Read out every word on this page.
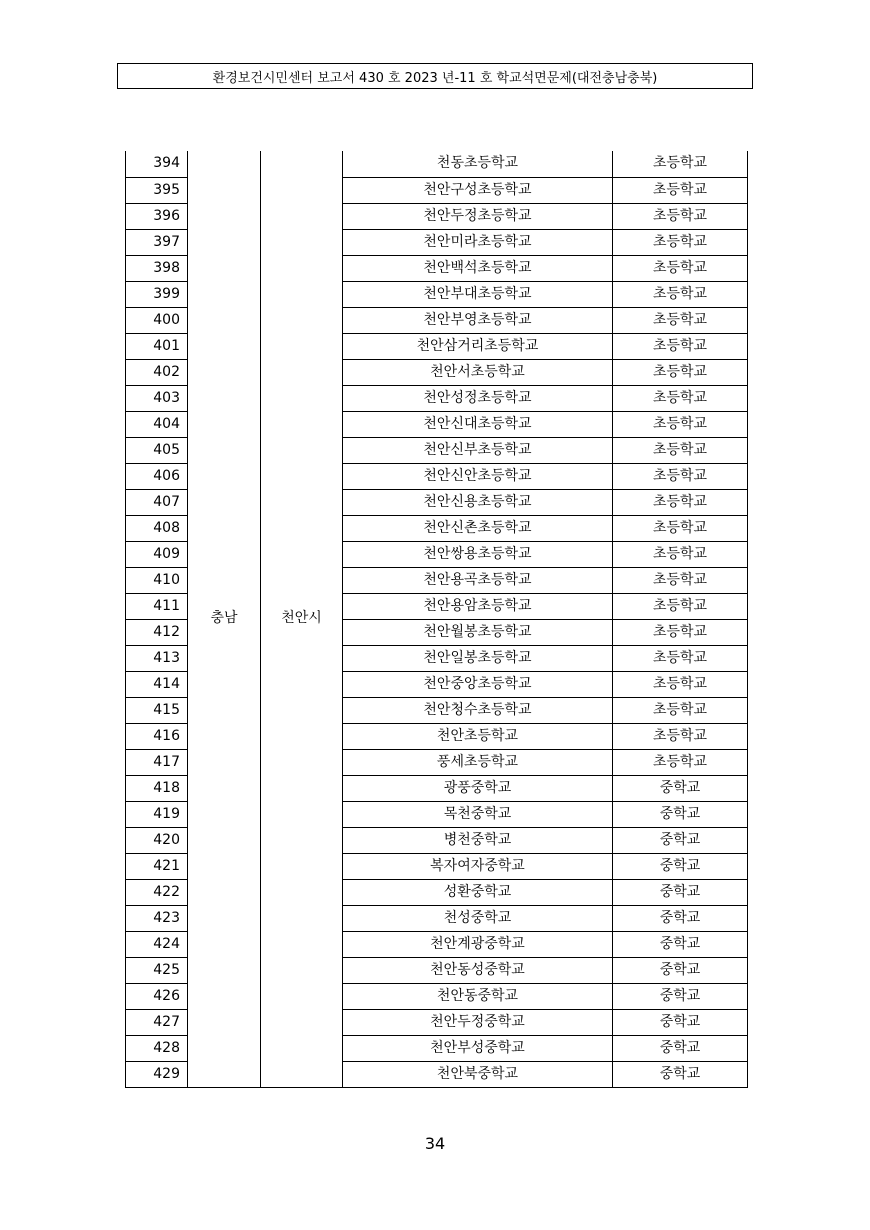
환경보건시민센터 보고서 430 호 2023 년-11 호 학교석면문제(대전충남충북)
394	충남	천안시	천동초등학교	초등학교
395			천안구성초등학교	초등학교
396			천안두정초등학교	초등학교
397			천안미라초등학교	초등학교
398			천안백석초등학교	초등학교
399			천안부대초등학교	초등학교
400			천안부영초등학교	초등학교
401			천안삼거리초등학교	초등학교
402			천안서초등학교	초등학교
403			천안성정초등학교	초등학교
404			천안신대초등학교	초등학교
405			천안신부초등학교	초등학교
406			천안신안초등학교	초등학교
407			천안신용초등학교	초등학교
408			천안신촌초등학교	초등학교
409			천안쌍용초등학교	초등학교
410			천안용곡초등학교	초등학교
411			천안용암초등학교	초등학교
412			천안월봉초등학교	초등학교
413			천안일봉초등학교	초등학교
414			천안중앙초등학교	초등학교
415			천안청수초등학교	초등학교
416			천안초등학교	초등학교
417			풍세초등학교	초등학교
418			광풍중학교	중학교
419			목천중학교	중학교
420			병천중학교	중학교
421			복자여자중학교	중학교
422			성환중학교	중학교
423			천성중학교	중학교
424			천안계광중학교	중학교
425			천안동성중학교	중학교
426			천안동중학교	중학교
427			천안두정중학교	중학교
428			천안부성중학교	중학교
429			천안북중학교	중학교
34
